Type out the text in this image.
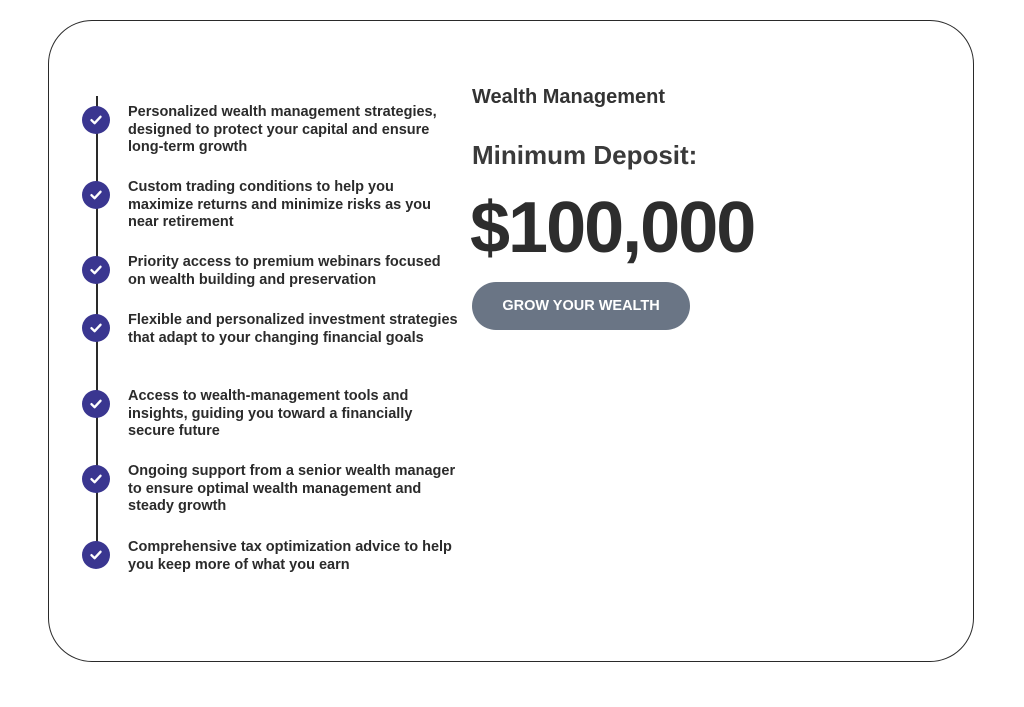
Personalized wealth management strategies, designed to protect your capital and ensure long-term growth

Custom trading conditions to help you maximize returns and minimize risks as you near retirement

Priority access to premium webinars focused on wealth building and preservation

Flexible and personalized investment strategies that adapt to your changing financial goals

Access to wealth-management tools and insights, guiding you toward a financially secure future

Ongoing support from a senior wealth manager to ensure optimal wealth management and steady growth

Comprehensive tax optimization advice to help you keep more of what you earn

Wealth Management
Minimum Deposit:
$100,000
GROW YOUR WEALTH
